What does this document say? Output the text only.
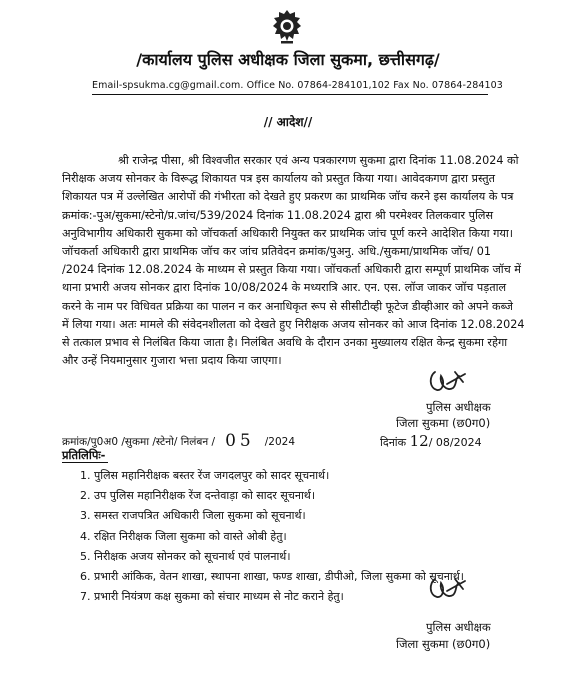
/कार्यालय पुलिस अधीक्षक जिला सुकमा, छत्तीसगढ़/
Email-spsukma.cg@gmail.com. Office No. 07864-284101,102 Fax No. 07864-284103
// आदेश//
श्री राजेन्द्र पीसा, श्री विश्वजीत सरकार एवं अन्य पत्रकारगण सुकमा द्वारा दिनांक 11.08.2024 को
निरीक्षक अजय सोनकर के विरूद्ध शिकायत पत्र इस कार्यालय को प्रस्तुत किया गया। आवेदकगण द्वारा प्रस्तुत
शिकायत पत्र में उल्लेखित आरोपों की गंभीरता को देखते हुए प्रकरण का प्राथमिक जॉच करने इस कार्यालय के पत्र
क्रमांक:-पुअ/सुकमा/स्टेनो/प्र.जांच/539/2024 दिनांक 11.08.2024 द्वारा श्री परमेश्वर तिलकवार पुलिस
अनुविभागीय अधिकारी सुकमा को जॉचकर्ता अधिकारी नियुक्त कर प्राथमिक जांच पूर्ण करने आदेशित किया गया।
जॉचकर्ता अधिकारी द्वारा प्राथमिक जॉच कर जांच प्रतिवेदन क्रमांक/पुअनु. अधि./सुकमा/प्राथमिक जॉच/ 01
/2024 दिनांक 12.08.2024 के माध्यम से प्रस्तुत किया गया। जॉचकर्ता अधिकारी द्वारा सम्पूर्ण प्राथमिक जॉच में
थाना प्रभारी अजय सोनकर द्वारा दिनांक 10/08/2024 के मध्यरात्रि आर. एन. एस. लॉज जाकर जॉच पड़ताल
करने के नाम पर विधिवत प्रक्रिया का पालन न कर अनाधिकृत रूप से सीसीटीव्ही फूटेज डीव्हीआर को अपने कब्जे
में लिया गया। अतः मामले की संवेदनशीलता को देखते हुए निरीक्षक अजय सोनकर को आज दिनांक 12.08.2024
से तत्काल प्रभाव से निलंबित किया जाता है। निलंबित अवधि के दौरान उनका मुख्यालय रक्षित केन्द्र सुकमा रहेगा
और उन्हें नियमानुसार गुजारा भत्ता प्रदाय किया जाएगा।
पुलिस अधीक्षक
जिला सुकमा (छ0ग0)
दिनांक 12/ 08/2024
क्रमांक/पु0अ0 /सुकमा /स्टेनो/ निलंबन / 05 /2024
प्रतिलिपिः-
1. पुलिस महानिरीक्षक बस्तर रेंज जगदलपुर को सादर सूचनार्थ।
2. उप पुलिस महानिरीक्षक रेंज दन्तेवाड़ा को सादर सूचनार्थ।
3. समस्त राजपत्रित अधिकारी जिला सुकमा को सूचनार्थ।
4. रक्षित निरीक्षक जिला सुकमा को वास्ते ओबी हेतु।
5. निरीक्षक अजय सोनकर को सूचनार्थ एवं पालनार्थ।
6. प्रभारी आंकिक, वेतन शाखा, स्थापना शाखा, फण्ड शाखा, डीपीओ, जिला सुकमा को सूचनार्थ।
7. प्रभारी नियंत्रण कक्ष सुकमा को संचार माध्यम से नोट कराने हेतु।
पुलिस अधीक्षक
जिला सुकमा (छ0ग0)
